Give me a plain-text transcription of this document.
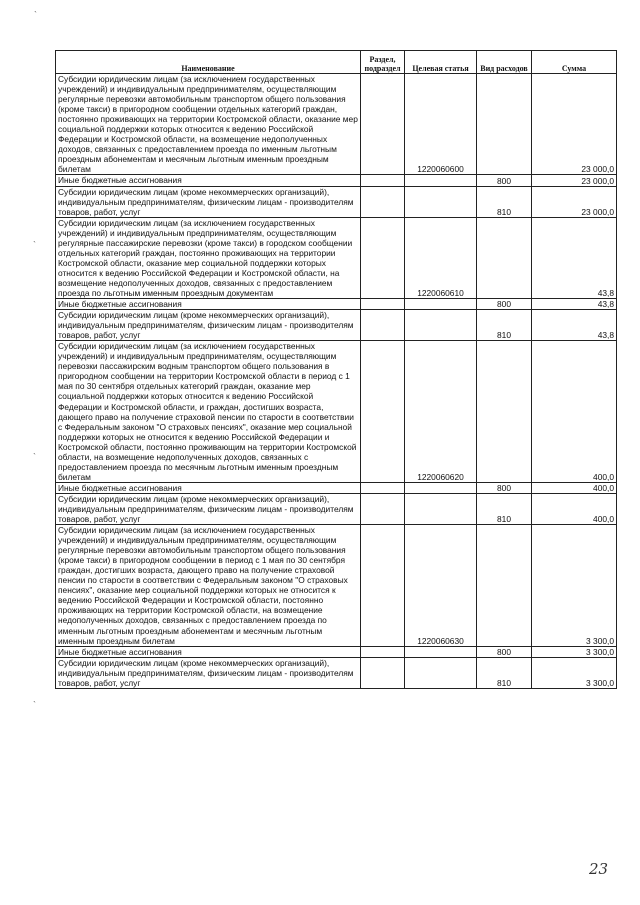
`
`
`
`
Наименование	Раздел, подраздел	Целевая статья	Вид расходов	Сумма
Субсидии юридическим лицам (за исключением государственных учреждений) и индивидуальным предпринимателям, осуществляющим регулярные перевозки автомобильным транспортом общего пользования (кроме такси) в пригородном сообщении отдельных категорий граждан, постоянно проживающих на территории Костромской области, оказание мер социальной поддержки которых относится к ведению Российской Федерации и Костромской области, на возмещение недополученных доходов, связанных с предоставлением проезда по именным льготным проездным абонементам и месячным льготным именным проездным билетам		1220060600		23 000,0
Иные бюджетные ассигнования			800	23 000,0
Субсидии юридическим лицам (кроме некоммерческих организаций), индивидуальным предпринимателям, физическим лицам - производителям товаров, работ, услуг			810	23 000,0
Субсидии юридическим лицам (за исключением государственных учреждений) и индивидуальным предпринимателям, осуществляющим регулярные пассажирские перевозки (кроме такси) в городском сообщении отдельных категорий граждан, постоянно проживающих на территории Костромской области, оказание мер социальной поддержки которых относится к ведению Российской Федерации и Костромской области, на возмещение недополученных доходов, связанных с предоставлением проезда по льготным именным проездным документам		1220060610		43,8
Иные бюджетные ассигнования			800	43,8
Субсидии юридическим лицам (кроме некоммерческих организаций), индивидуальным предпринимателям, физическим лицам - производителям товаров, работ, услуг			810	43,8
Субсидии юридическим лицам (за исключением государственных учреждений) и индивидуальным предпринимателям, осуществляющим перевозки пассажирским водным транспортом общего пользования в пригородном сообщении на территории Костромской области в период с 1 мая по 30 сентября отдельных категорий граждан, оказание мер социальной поддержки которых относится к ведению Российской Федерации и Костромской области, и граждан, достигших возраста, дающего право на получение страховой пенсии по старости в соответствии с Федеральным законом "О страховых пенсиях", оказание мер социальной поддержки которых не относится к ведению Российской Федерации и Костромской области, постоянно проживающим на территории Костромской области, на возмещение недополученных доходов, связанных с предоставлением проезда по месячным льготным именным проездным билетам		1220060620		400,0
Иные бюджетные ассигнования			800	400,0
Субсидии юридическим лицам (кроме некоммерческих организаций), индивидуальным предпринимателям, физическим лицам - производителям товаров, работ, услуг			810	400,0
Субсидии юридическим лицам (за исключением государственных учреждений) и индивидуальным предпринимателям, осуществляющим регулярные перевозки автомобильным транспортом общего пользования (кроме такси) в пригородном сообщении в период с 1 мая по 30 сентября граждан, достигших возраста, дающего право на получение страховой пенсии по старости в соответствии с Федеральным законом "О страховых пенсиях", оказание мер социальной поддержки которых не относится к ведению Российской Федерации и Костромской области, постоянно проживающих на территории Костромской области, на возмещение недополученных доходов, связанных с предоставлением проезда по именным льготным проездным абонементам и месячным льготным именным проездным билетам		1220060630		3 300,0
Иные бюджетные ассигнования			800	3 300,0
Субсидии юридическим лицам (кроме некоммерческих организаций), индивидуальным предпринимателям, физическим лицам - производителям товаров, работ, услуг			810	3 300,0
23
